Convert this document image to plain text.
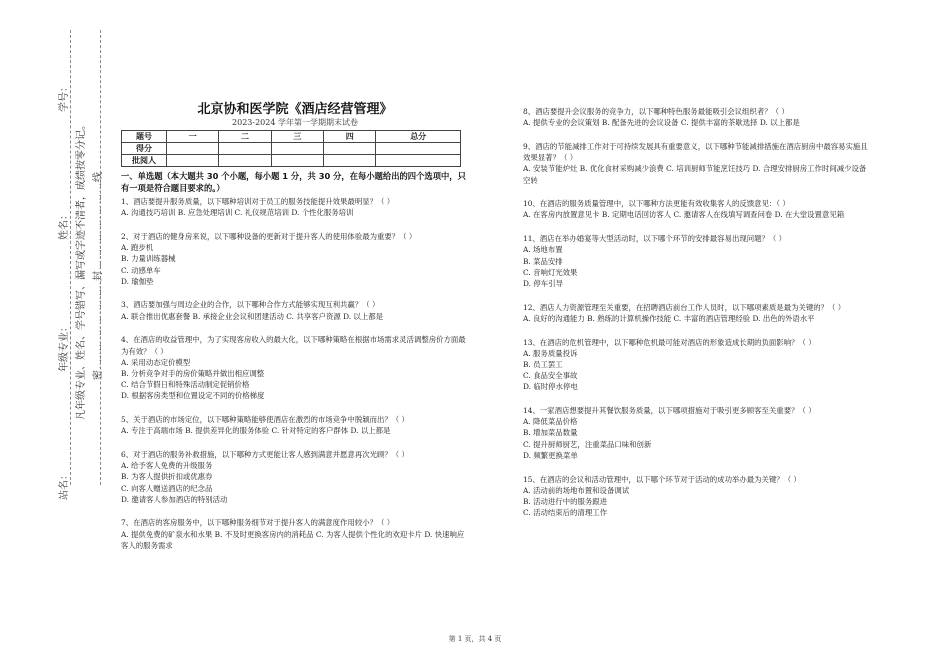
学号：
姓名：
年级专业：
站名：
凡年级专业、姓名、学号错写、漏写或字迹不清者，成绩按零分记。 密……………………封……………………线
北京协和医学院《酒店经营管理》
2023-2024 学年第一学期期末试卷
题号	一	二	三	四	总分
得分					
批阅人					
一、单选题（本大题共 30 个小题，每小题 1 分，共 30 分，在每小题给出的四个选项中，只有一项是符合题目要求的。）

1、酒店要提升服务质量，以下哪种培训对于员工的服务技能提升效果最明显？（ ）

A. 沟通技巧培训 B. 应急处理培训 C. 礼仪规范培训 D. 个性化服务培训

2、对于酒店的健身房来说，以下哪种设备的更新对于提升客人的使用体验最为重要？（ ）

A. 跑步机

B. 力量训练器械

C. 动感单车

D. 瑜伽垫

3、酒店要加强与周边企业的合作，以下哪种合作方式能够实现互利共赢？（ ）

A. 联合推出优惠套餐 B. 承接企业会议和团建活动 C. 共享客户资源 D. 以上都是

4、在酒店的收益管理中，为了实现客房收入的最大化，以下哪种策略在根据市场需求灵活调整房价方面最为有效？（ ）

A. 采用动态定价模型

B. 分析竞争对手的房价策略并做出相应调整

C. 结合节假日和特殊活动制定促销价格

D. 根据客房类型和位置设定不同的价格梯度

5、关于酒店的市场定位，以下哪种策略能够使酒店在激烈的市场竞争中脱颖而出？（ ）

A. 专注于高端市场 B. 提供差异化的服务体验 C. 针对特定的客户群体 D. 以上都是

6、对于酒店的服务补救措施，以下哪种方式更能让客人感到满意并愿意再次光顾？（ ）

A. 给予客人免费的升级服务

B. 为客人提供折扣或优惠券

C. 向客人赠送酒店的纪念品

D. 邀请客人参加酒店的特别活动

7、在酒店的客房服务中，以下哪种服务细节对于提升客人的满意度作用较小？（ ）

A. 提供免费的矿泉水和水果 B. 不及时更换客房内的消耗品 C. 为客人提供个性化的欢迎卡片 D. 快速响应客人的服务需求

8、酒店要提升会议服务的竞争力，以下哪种特色服务最能吸引会议组织者？（ ）

A. 提供专业的会议策划 B. 配备先进的会议设备 C. 提供丰富的茶歇选择 D. 以上都是

9、酒店的节能减排工作对于可持续发展具有重要意义，以下哪种节能减排措施在酒店厨房中最容易实施且效果显著？（ ）

A. 安装节能炉灶 B. 优化食材采购减少浪费 C. 培训厨师节能烹饪技巧 D. 合理安排厨房工作时间减少设备空转

10、在酒店的服务质量管理中，以下哪种方法更能有效收集客人的反馈意见：（ ）

A. 在客房内放置意见卡 B. 定期电话回访客人 C. 邀请客人在线填写调查问卷 D. 在大堂设置意见箱

11、酒店在举办婚宴等大型活动时，以下哪个环节的安排最容易出现问题？（ ）

A. 场地布置

B. 菜品安排

C. 音响灯光效果

D. 停车引导

12、酒店人力资源管理至关重要，在招聘酒店前台工作人员时，以下哪项素质是最为关键的？（ ）

A. 良好的沟通能力 B. 熟练的计算机操作技能 C. 丰富的酒店管理经验 D. 出色的外语水平

13、在酒店的危机管理中，以下哪种危机最可能对酒店的形象造成长期的负面影响？（ ）

A. 服务质量投诉

B. 员工罢工

C. 食品安全事故

D. 临时停水停电

14、一家酒店想要提升其餐饮服务质量，以下哪项措施对于吸引更多顾客至关重要？（ ）

A. 降低菜品价格

B. 增加菜品数量

C. 提升厨师厨艺，注重菜品口味和创新

D. 频繁更换菜单

15、在酒店的会议和活动管理中，以下哪个环节对于活动的成功举办最为关键？（ ）

A. 活动前的场地布置和设备调试

B. 活动进行中的服务跟进

C. 活动结束后的清理工作

第 1 页，共 4 页
